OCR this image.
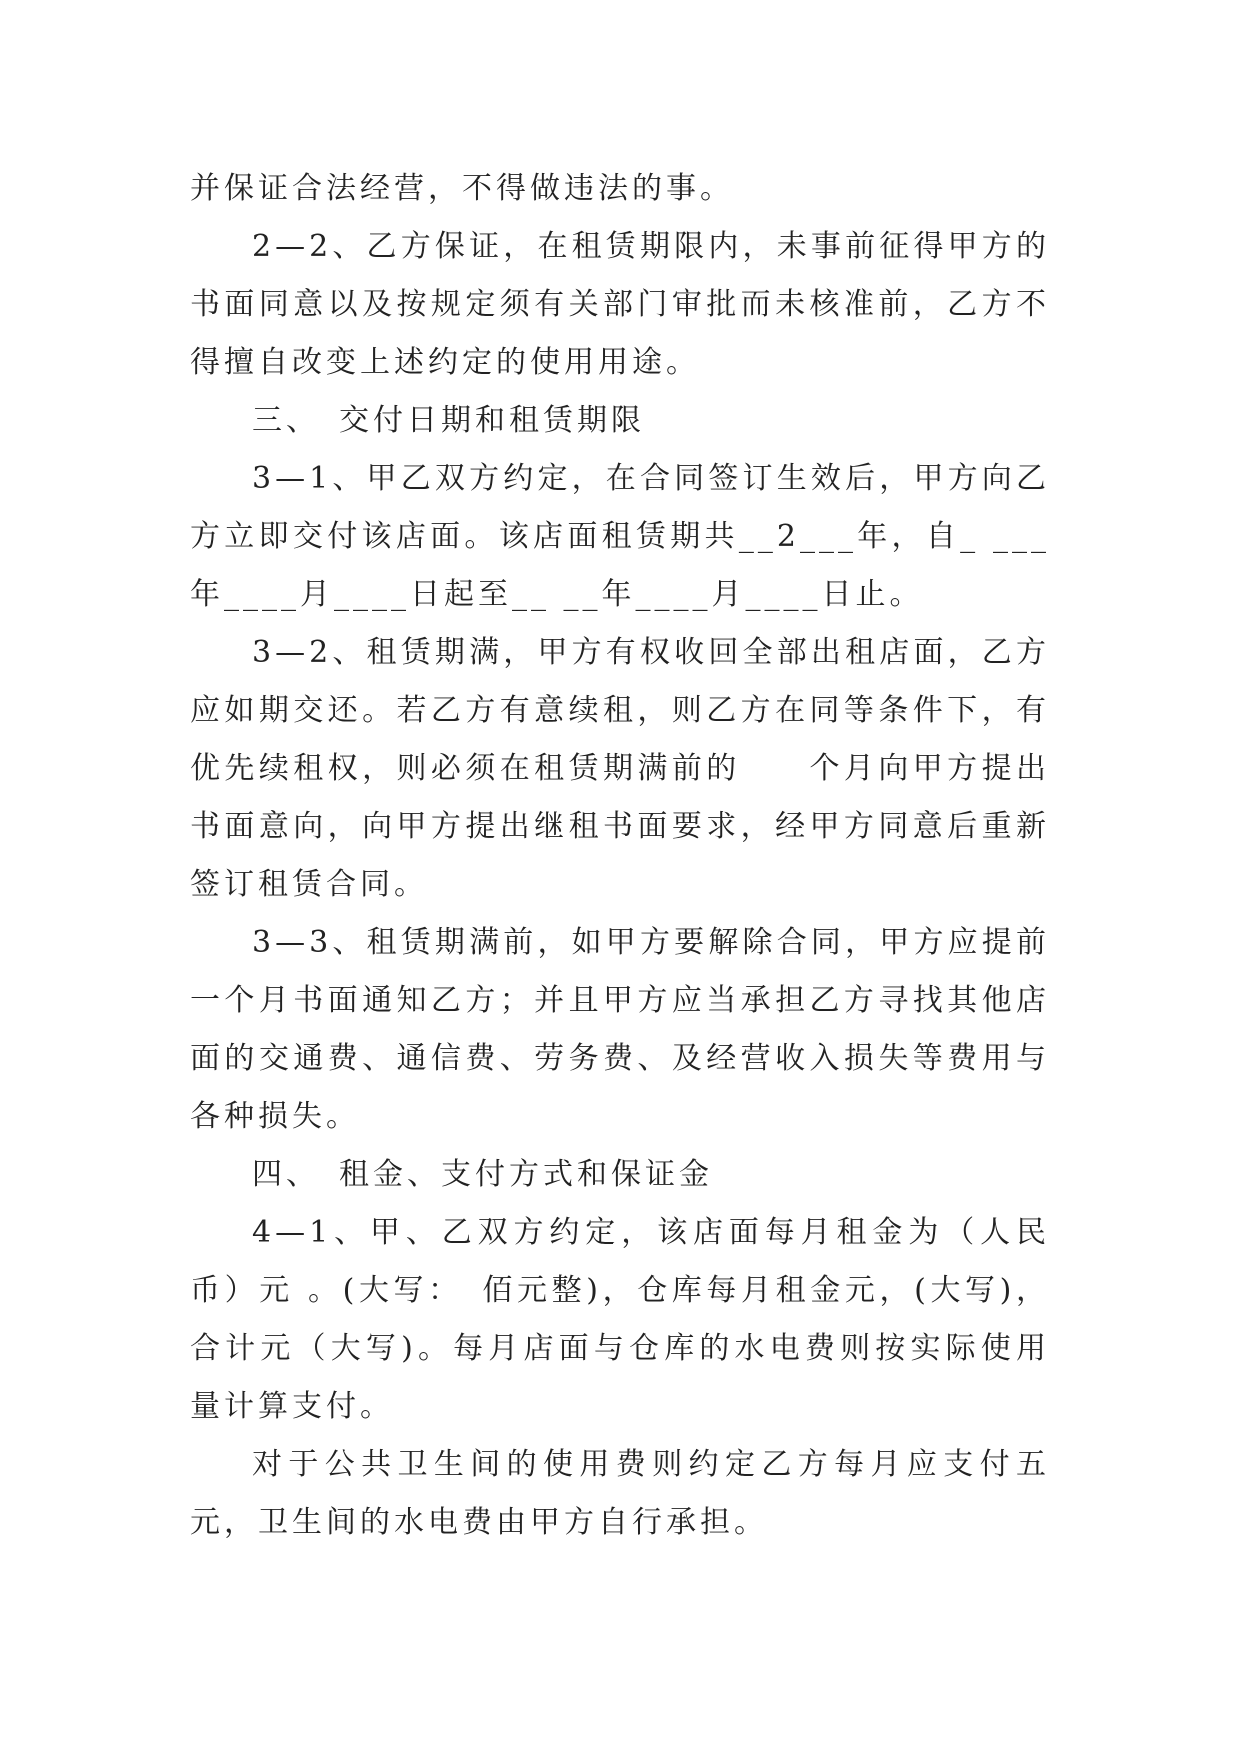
并保证合法经营，不得做违法的事。

2—2、乙方保证，在租赁期限内，未事前征得甲方的书面同意以及按规定须有关部门审批而未核准前，乙方不得擅自改变上述约定的使用用途。

三、　交付日期和租赁期限

3—1、甲乙双方约定，在合同签订生效后，甲方向乙方立即交付该店面。该店面租赁期共__2___年，自_ ___年____月____日起至__ __年____月____日止。

3—2、租赁期满，甲方有权收回全部出租店面，乙方应如期交还。若乙方有意续租，则乙方在同等条件下，有优先续租权，则必须在租赁期满前的　　个月向甲方提出书面意向，向甲方提出继租书面要求，经甲方同意后重新签订租赁合同。

3—3、租赁期满前，如甲方要解除合同，甲方应提前一个月书面通知乙方；并且甲方应当承担乙方寻找其他店面的交通费、通信费、劳务费、及经营收入损失等费用与各种损失。

四、　租金、支付方式和保证金

4—1、甲、乙双方约定，该店面每月租金为（人民币）元 。(大写：　佰元整)，仓库每月租金元，(大写)，合计元（大写)。每月店面与仓库的水电费则按实际使用量计算支付。

对于公共卫生间的使用费则约定乙方每月应支付五元，卫生间的水电费由甲方自行承担。
